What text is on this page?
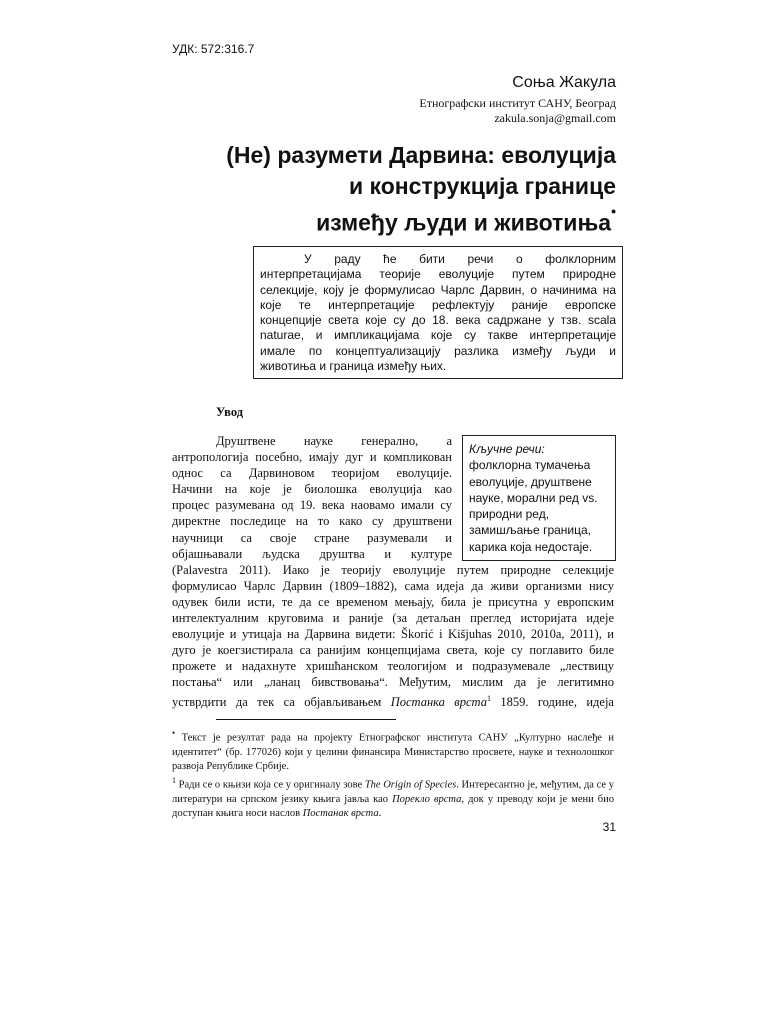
УДК: 572:316.7
Соња Жакула
Етнографски институт САНУ, Београд
zakula.sonja@gmail.com
(Не) разумети Дарвина: еволуција
и конструкција границе
између људи и животиња•
У раду ће бити речи о фолклорним
интерпретацијама теорије еволуције путем природне
селекције, коју је формулисао Чарлс Дарвин, о начинима на
које те интерпретације рефлектују раније европске
концепције света које су до 18. века садржане у тзв. scala
naturae, и импликацијама које су такве интерпретације
имале по концептуализацију разлика између људи и
животиња и граница између њих.
Увод
Кључне речи:
фолклорна тумачења еволуције, друштвене науке, морални ред vs. природни ред, замишљање граница, карика која недостаје.
Друштвене науке генерално, а
антропологија посебно, имају дуг и компликован
однос са Дарвиновом теоријом еволуције.
Начини на које је биолошка еволуција као
процес разумевана од 19. века наовамо имали су
директне последице на то како су друштвени
научници са своје стране разумевали и
објашњавали људска друштва и културе
(Palavestra 2011). Иако је теорију еволуције путем природне селекције
формулисао Чарлс Дарвин (1809–1882), сама идеја да живи организми нису
одувек били исти, те да се временом мењају, била је присутна у европским
интелектуалним круговима и раније (за детаљан преглед историјата идеје
еволуције и утицаја на Дарвина видети: Škorić i Kišjuhas 2010, 2010а, 2011), и
дуго је коегзистирала са ранијим концепцијама света, које су поглавито биле
прожете и надахнуте хришћанском теологијом и подразумевале „лествицу
постања“ или „ланац бивствовања“. Међутим, мислим да је легитимно
устврдити да тек са објављивањем Постанка врста$^1$ 1859. године, идеја
• Текст је резултат рада на пројекту Етнографског института САНУ „Културно наслеђе и идентитет“ (бр. 177026) који у целини финансира Министарство просвете, науке и технолошког развоја Републике Србије.
$^1$ Ради се о књизи која се у оригиналу зове The Origin of Species. Интересантно је, међутим, да се у литератури на српском језику књига јавља као Порекло врста, док у преводу који је мени био доступан књига носи наслов Постанак врста.
31
